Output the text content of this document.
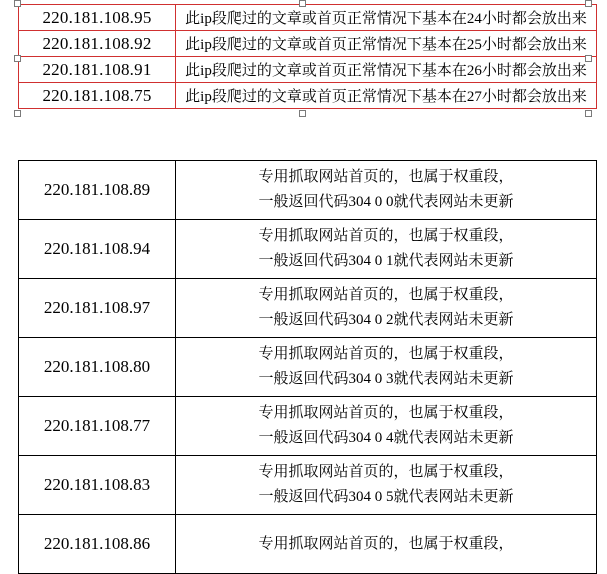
220.181.108.95	此ip段爬过的文章或首页正常情况下基本在24小时都会放出来
220.181.108.92	此ip段爬过的文章或首页正常情况下基本在25小时都会放出来
220.181.108.91	此ip段爬过的文章或首页正常情况下基本在26小时都会放出来
220.181.108.75	此ip段爬过的文章或首页正常情况下基本在27小时都会放出来
220.181.108.89	专用抓取网站首页的，也属于权重段，
一般返回代码304 0 0就代表网站未更新

220.181.108.94	专用抓取网站首页的，也属于权重段，
一般返回代码304 0 1就代表网站未更新

220.181.108.97	专用抓取网站首页的，也属于权重段，
一般返回代码304 0 2就代表网站未更新

220.181.108.80	专用抓取网站首页的，也属于权重段，
一般返回代码304 0 3就代表网站未更新

220.181.108.77	专用抓取网站首页的，也属于权重段，
一般返回代码304 0 4就代表网站未更新

220.181.108.83	专用抓取网站首页的，也属于权重段，
一般返回代码304 0 5就代表网站未更新

220.181.108.86	专用抓取网站首页的，也属于权重段，
